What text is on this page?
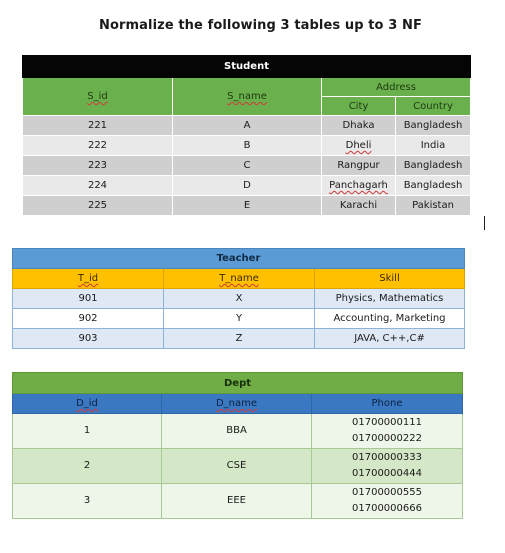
Normalize the following 3 tables up to 3 NF
Student			
S_id	S_name	Address	
		City	Country
221	A	Dhaka	Bangladesh
222	B	Dheli	India
223	C	Rangpur	Bangladesh
224	D	Panchagarh	Bangladesh
225	E	Karachi	Pakistan
Teacher		
T_id	T_name	Skill
901	X	Physics, Mathematics
902	Y	Accounting, Marketing
903	Z	JAVA, C++,C#
Dept		
D_id	D_name	Phone
1	BBA	01700000111
01700000222

2	CSE	01700000333
01700000444

3	EEE	01700000555
01700000666
